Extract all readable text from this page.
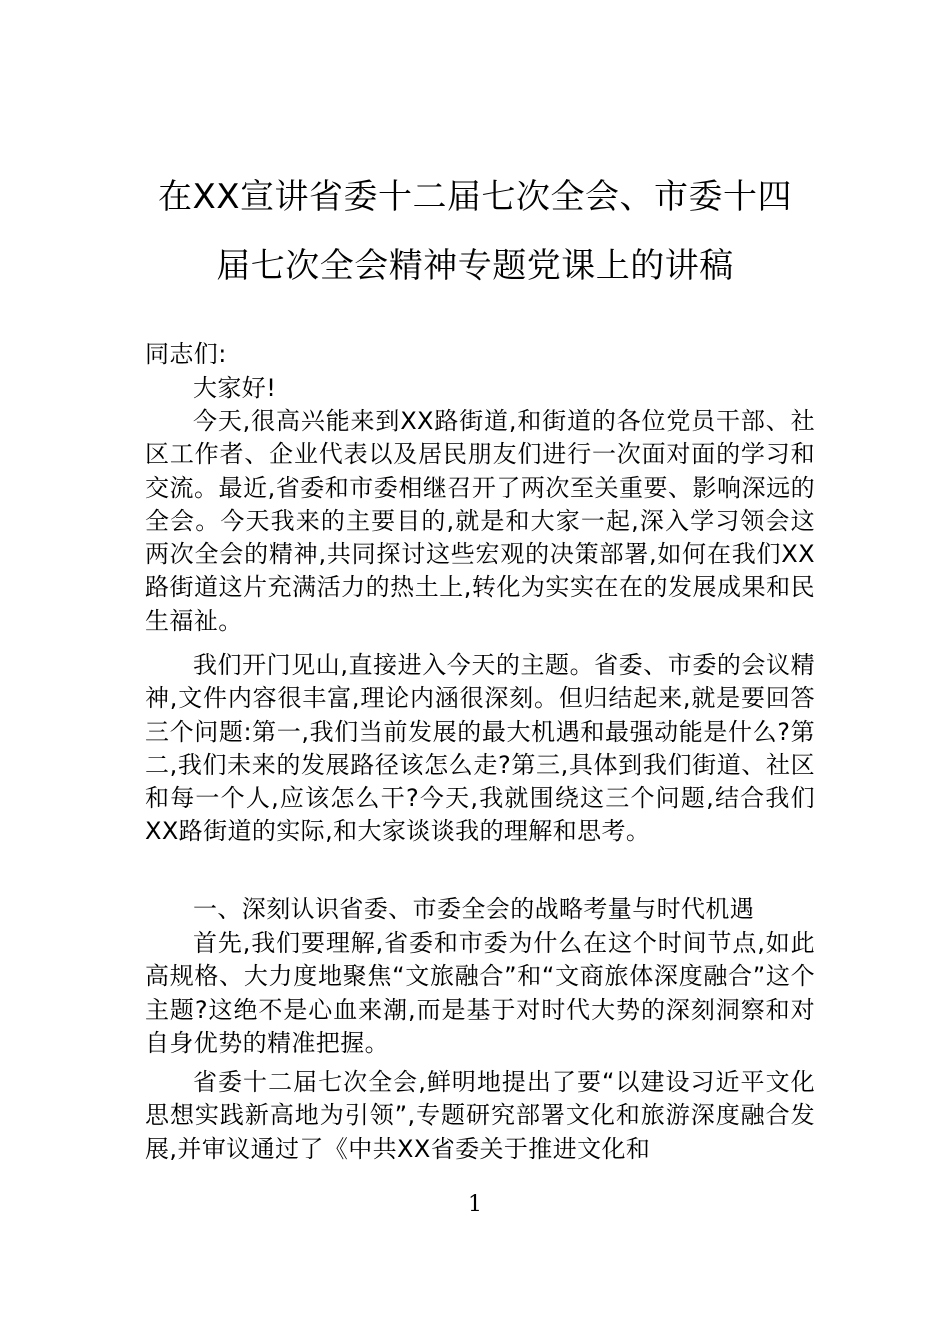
在XX宣讲省委十二届七次全会、市委十四
届七次全会精神专题党课上的讲稿
同志们:
大家好!
今天,很高兴能来到XX路街道,和街道的各位党员干部、社区工作者、企业代表以及居民朋友们进行一次面对面的学习和交流。最近,省委和市委相继召开了两次至关重要、影响深远的全会。今天我来的主要目的,就是和大家一起,深入学习领会这两次全会的精神,共同探讨这些宏观的决策部署,如何在我们XX路街道这片充满活力的热土上,转化为实实在在的发展成果和民生福祉。
我们开门见山,直接进入今天的主题。省委、市委的会议精神,文件内容很丰富,理论内涵很深刻。但归结起来,就是要回答三个问题:第一,我们当前发展的最大机遇和最强动能是什么?第二,我们未来的发展路径该怎么走?第三,具体到我们街道、社区和每一个人,应该怎么干?今天,我就围绕这三个问题,结合我们XX路街道的实际,和大家谈谈我的理解和思考。
一、深刻认识省委、市委全会的战略考量与时代机遇
首先,我们要理解,省委和市委为什么在这个时间节点,如此高规格、大力度地聚焦“文旅融合”和“文商旅体深度融合”这个主题?这绝不是心血来潮,而是基于对时代大势的深刻洞察和对自身优势的精准把握。
省委十二届七次全会,鲜明地提出了要“以建设习近平文化思想实践新高地为引领”,专题研究部署文化和旅游深度融合发展,并审议通过了《中共XX省委关于推进文化和
1
